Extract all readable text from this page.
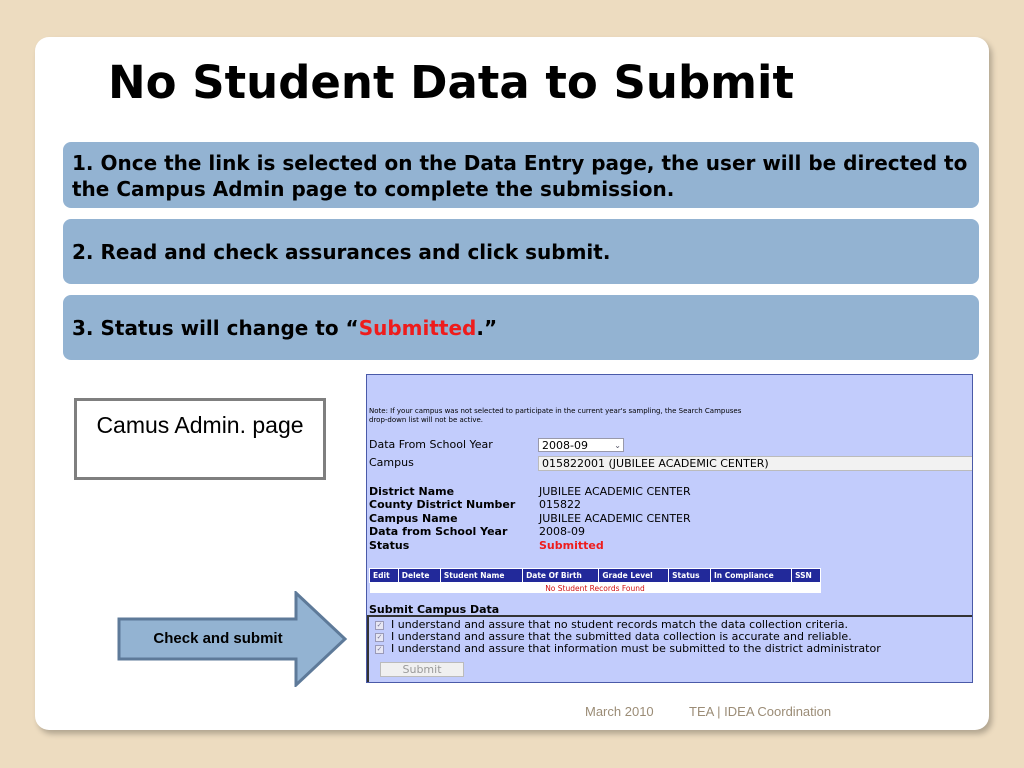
No Student Data to Submit
1. Once the link is selected on the Data Entry page, the user will be directed to the Campus Admin page to complete the submission.
2. Read and check assurances and click submit.
3. Status will change to “Submitted.”
Camus Admin. page
Check and submit
Note: If your campus was not selected to participate in the current year's sampling, the Search Campuses drop-down list will not be active.
Data From School Year	2008-09	⌄
Campus	015822001 (JUBILEE ACADEMIC CENTER)
District Name	JUBILEE ACADEMIC CENTER
County District Number 015822
Campus Name	JUBILEE ACADEMIC CENTER
Data from School Year	2008-09
Status	Submitted
Edit	Delete	Student Name	Date Of Birth	Grade Level	Status	In Compliance	SSN
No Student Records Found
Submit Campus Data
✓ I understand and assure that no student records match the data collection criteria.
✓ I understand and assure that the submitted data collection is accurate and reliable.
✓ I understand and assure that information must be submitted to the district administrator
Submit
March 2010	TEA | IDEA Coordination
